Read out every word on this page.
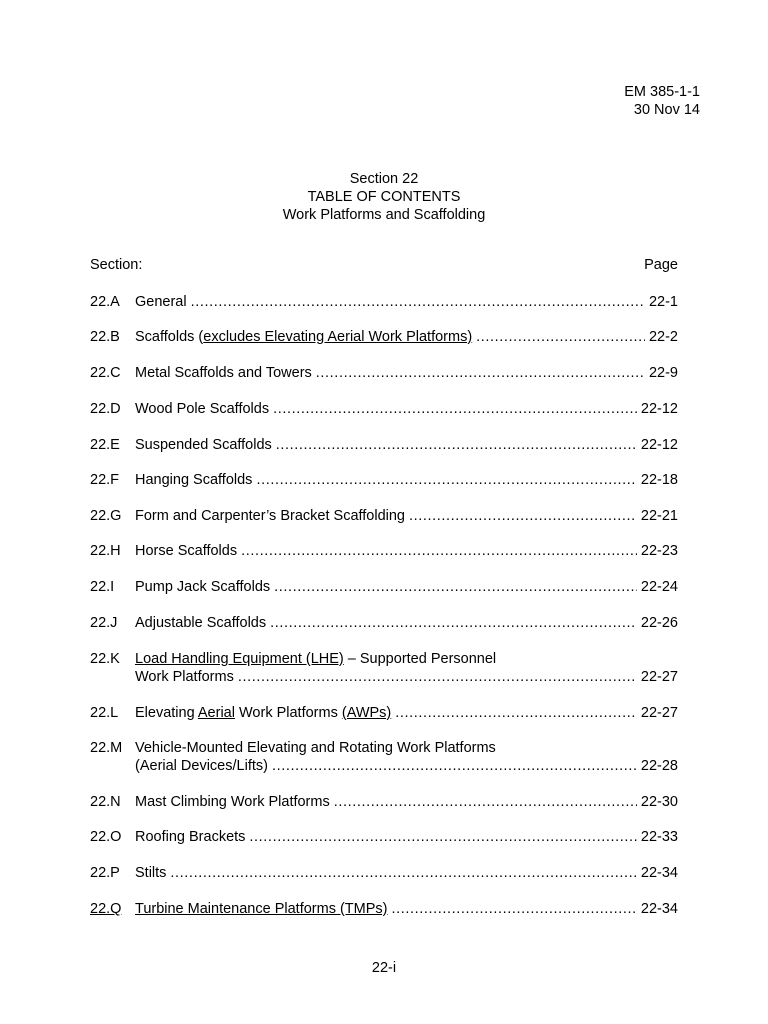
EM 385-1-1
30 Nov 14
Section 22
TABLE OF CONTENTS
Work Platforms and Scaffolding
Section:	Page
22.A	General .....	22-1
22.B	Scaffolds (excludes Elevating Aerial Work Platforms) .....	22-2
22.C Metal Scaffolds and Towers .....	22-9
22.D Wood Pole Scaffolds .....	22-12
22.E	Suspended Scaffolds .....	22-12
22.F	Hanging Scaffolds .....	22-18
22.G Form and Carpenter’s Bracket Scaffolding .....	22-21
22.H Horse Scaffolds .....	22-23
22.I	Pump Jack Scaffolds .....	22-24
22.J	Adjustable Scaffolds .....	22-26
22.K	Load Handling Equipment (LHE) – Supported Personnel
Work Platforms .....	22-27
22.L	Elevating Aerial Work Platforms (AWPs) .....	22-27
22.M Vehicle-Mounted Elevating and Rotating Work Platforms
(Aerial Devices/Lifts) .....	22-28
22.N Mast Climbing Work Platforms .....	22-30
22.O Roofing Brackets .....	22-33
22.P	Stilts .....	22-34
22.Q Turbine Maintenance Platforms (TMPs) .....	22-34
22-i
